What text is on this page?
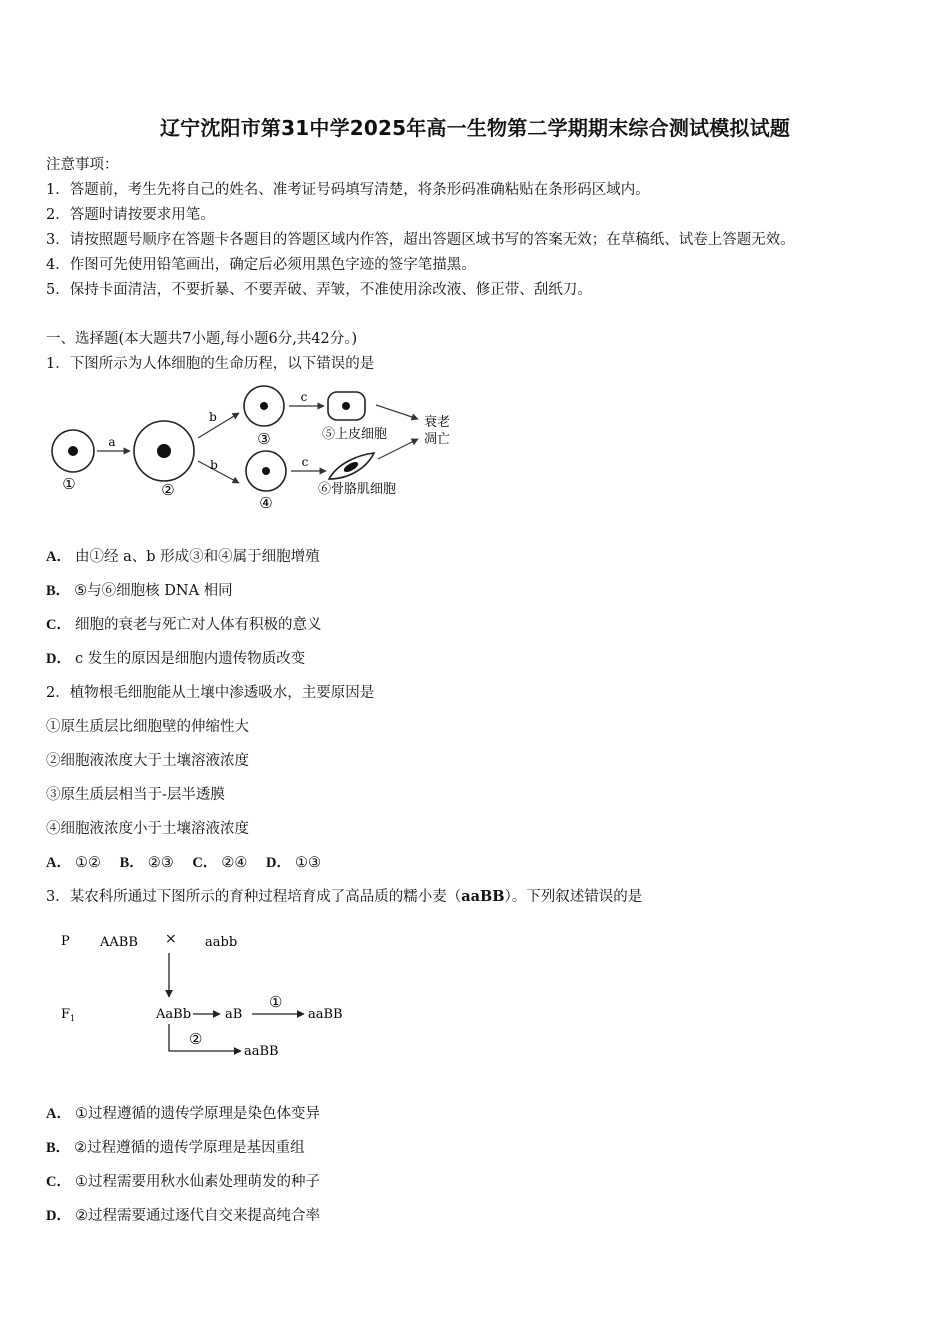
辽宁沈阳市第31中学2025年高一生物第二学期期末综合测试模拟试题
注意事项：
1．答题前，考生先将自己的姓名、准考证号码填写清楚，将条形码准确粘贴在条形码区域内。
2．答题时请按要求用笔。
3．请按照题号顺序在答题卡各题目的答题区域内作答，超出答题区域书写的答案无效；在草稿纸、试卷上答题无效。
4．作图可先使用铅笔画出，确定后必须用黑色字迹的签字笔描黑。
5．保持卡面清洁，不要折暴、不要弄破、弄皱，不准使用涂改液、修正带、刮纸刀。
一、选择题(本大题共7小题,每小题6分,共42分。)
1．下图所示为人体细胞的生命历程，以下错误的是
①
a
②
b
b
③
④
c
c
⑤上皮细胞
⑥骨胳肌细胞
衰老
凋亡
A． 由①经 a、b 形成③和④属于细胞增殖
B． ⑤与⑥细胞核 DNA 相同
C． 细胞的衰老与死亡对人体有积极的意义
D． c 发生的原因是细胞内遗传物质改变
2．植物根毛细胞能从土壤中渗透吸水，主要原因是
①原生质层比细胞壁的伸缩性大
②细胞液浓度大于土壤溶液浓度
③原生质层相当于-层半透膜
④细胞液浓度小于土壤溶液浓度
A． ①② B． ②③ C． ②④ D． ①③
3．某农科所通过下图所示的育种过程培育成了高品质的糯小麦（aaBB）。下列叙述错误的是
P AABB × aabb
$F_1$	AaBb	aB
①
aaBB
②
aaBB
A． ①过程遵循的遗传学原理是染色体变异
B． ②过程遵循的遗传学原理是基因重组
C． ①过程需要用秋水仙素处理萌发的种子
D． ②过程需要通过逐代自交来提高纯合率
